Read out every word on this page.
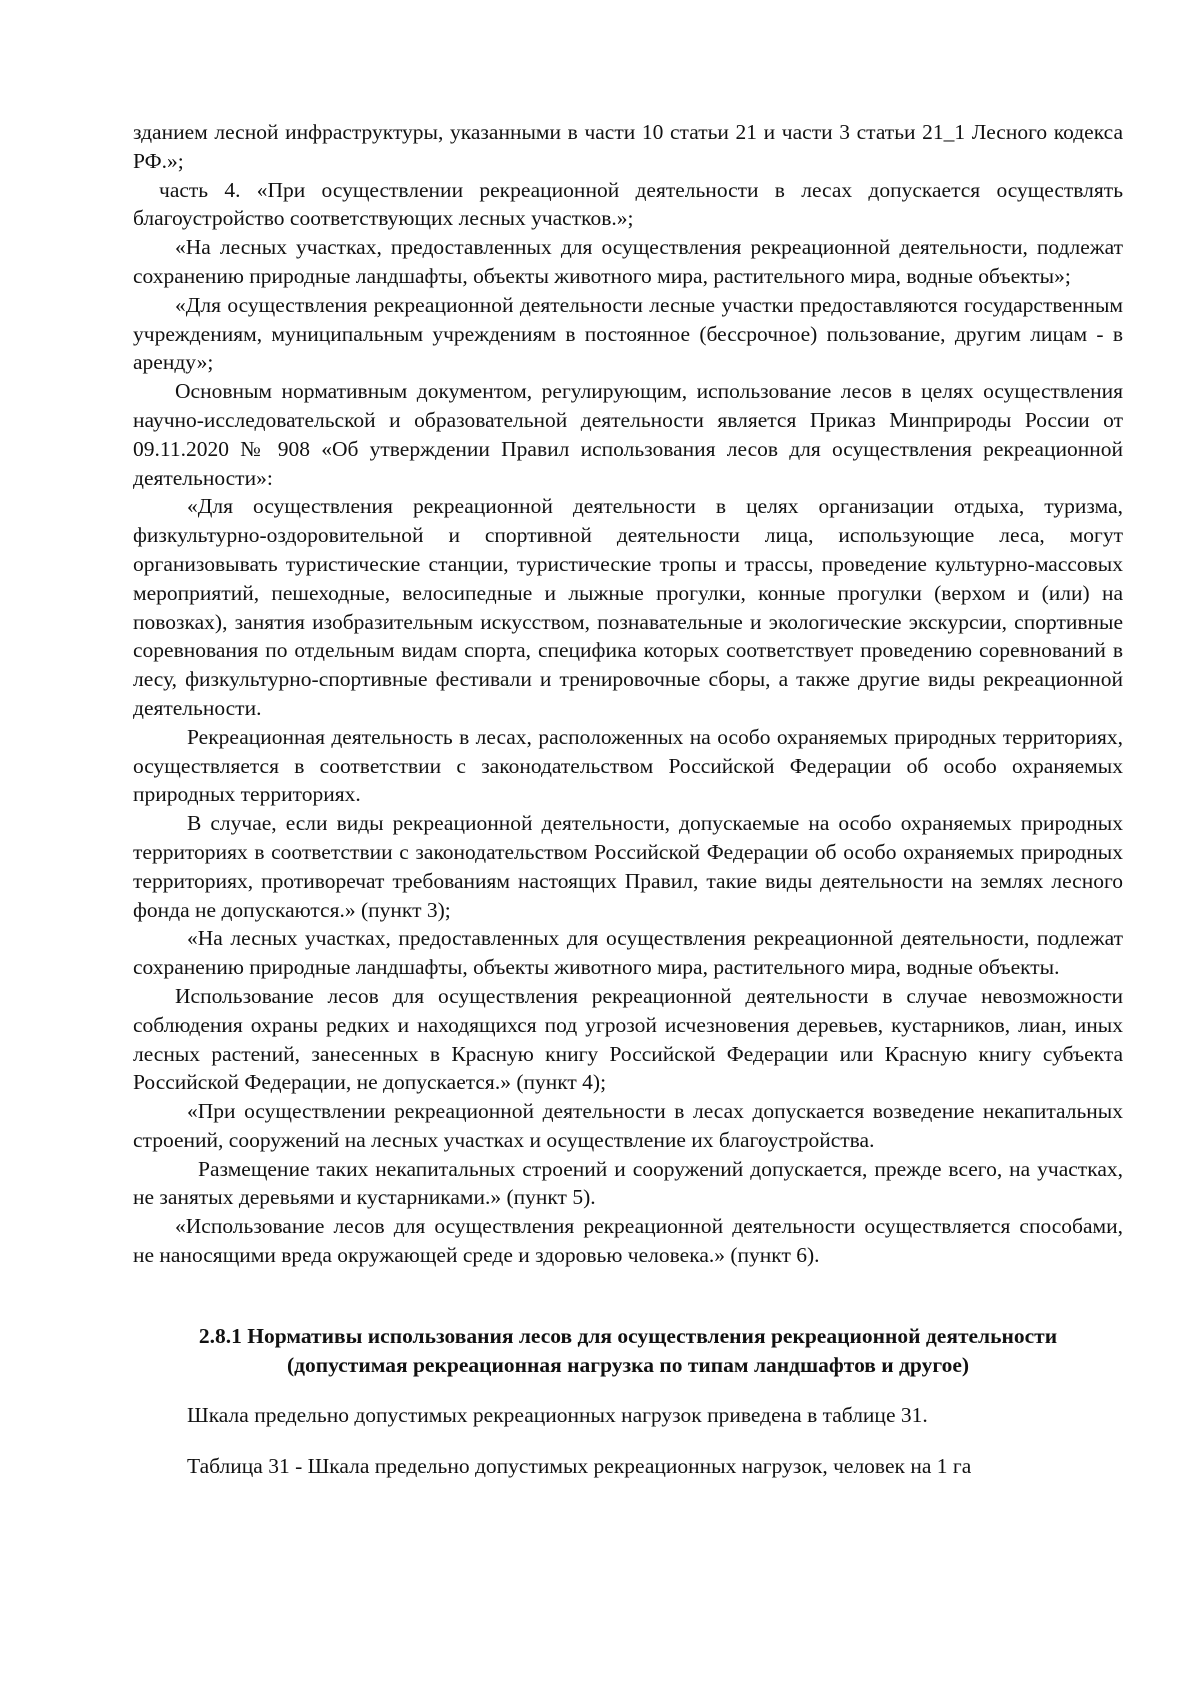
зданием лесной инфраструктуры, указанными в части 10 статьи 21 и части 3 статьи 21_1 Лесного кодекса РФ.»;

часть 4. «При осуществлении рекреационной деятельности в лесах допускается осуществлять благоустройство соответствующих лесных участков.»;

«На лесных участках, предоставленных для осуществления рекреационной деятельности, подлежат сохранению природные ландшафты, объекты животного мира, растительного мира, водные объекты»;

«Для осуществления рекреационной деятельности лесные участки предоставляются государственным учреждениям, муниципальным учреждениям в постоянное (бессрочное) пользование, другим лицам - в аренду»;

Основным нормативным документом, регулирующим, использование лесов в целях осуществления научно-исследовательской и образовательной деятельности является Приказ Минприроды России от 09.11.2020 № 908 «Об утверждении Правил использования лесов для осуществления рекреационной деятельности»:

«Для осуществления рекреационной деятельности в целях организации отдыха, туризма, физкультурно-оздоровительной и спортивной деятельности лица, использующие леса, могут организовывать туристические станции, туристические тропы и трассы, проведение культурно-массовых мероприятий, пешеходные, велосипедные и лыжные прогулки, конные прогулки (верхом и (или) на повозках), занятия изобразительным искусством, познавательные и экологические экскурсии, спортивные соревнования по отдельным видам спорта, специфика которых соответствует проведению соревнований в лесу, физкультурно-спортивные фестивали и тренировочные сборы, а также другие виды рекреационной деятельности.

Рекреационная деятельность в лесах, расположенных на особо охраняемых природных территориях, осуществляется в соответствии с законодательством Российской Федерации об особо охраняемых природных территориях.

В случае, если виды рекреационной деятельности, допускаемые на особо охраняемых природных территориях в соответствии с законодательством Российской Федерации об особо охраняемых природных территориях, противоречат требованиям настоящих Правил, такие виды деятельности на землях лесного фонда не допускаются.» (пункт 3);

«На лесных участках, предоставленных для осуществления рекреационной деятельности, подлежат сохранению природные ландшафты, объекты животного мира, растительного мира, водные объекты.

Использование лесов для осуществления рекреационной деятельности в случае невозможности соблюдения охраны редких и находящихся под угрозой исчезновения деревьев, кустарников, лиан, иных лесных растений, занесенных в Красную книгу Российской Федерации или Красную книгу субъекта Российской Федерации, не допускается.» (пункт 4);

«При осуществлении рекреационной деятельности в лесах допускается возведение некапитальных строений, сооружений на лесных участках и осуществление их благоустройства.

Размещение таких некапитальных строений и сооружений допускается, прежде всего, на участках, не занятых деревьями и кустарниками.» (пункт 5).

«Использование лесов для осуществления рекреационной деятельности осуществляется способами, не наносящими вреда окружающей среде и здоровью человека.» (пункт 6).

2.8.1 Нормативы использования лесов для осуществления рекреационной деятельности (допустимая рекреационная нагрузка по типам ландшафтов и другое)

Шкала предельно допустимых рекреационных нагрузок приведена в таблице 31.

Таблица 31 - Шкала предельно допустимых рекреационных нагрузок, человек на 1 га
